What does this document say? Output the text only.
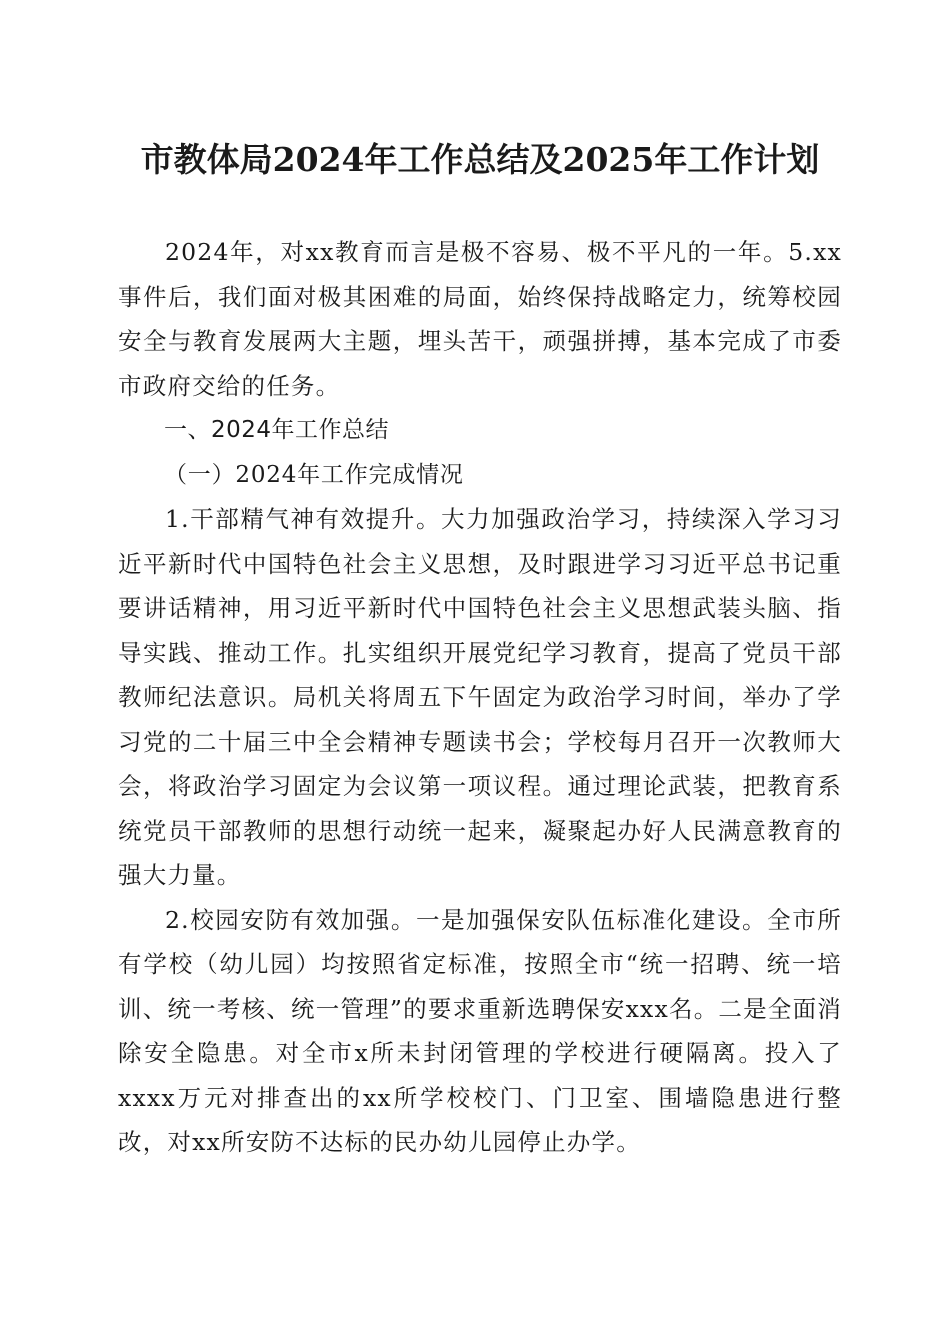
市教体局2024年工作总结及2025年工作计划

2024年，对xx教育而言是极不容易、极不平凡的一年。5.xx事件后，我们面对极其困难的局面，始终保持战略定力，统筹校园安全与教育发展两大主题，埋头苦干，顽强拼搏，基本完成了市委市政府交给的任务。

一、2024年工作总结

（一）2024年工作完成情况

1.干部精气神有效提升。大力加强政治学习，持续深入学习习近平新时代中国特色社会主义思想，及时跟进学习习近平总书记重要讲话精神，用习近平新时代中国特色社会主义思想武装头脑、指导实践、推动工作。扎实组织开展党纪学习教育，提高了党员干部教师纪法意识。局机关将周五下午固定为政治学习时间，举办了学习党的二十届三中全会精神专题读书会；学校每月召开一次教师大会，将政治学习固定为会议第一项议程。通过理论武装，把教育系统党员干部教师的思想行动统一起来，凝聚起办好人民满意教育的强大力量。

2.校园安防有效加强。一是加强保安队伍标准化建设。全市所有学校（幼儿园）均按照省定标准，按照全市“统一招聘、统一培训、统一考核、统一管理”的要求重新选聘保安xxx名。二是全面消除安全隐患。对全市x所未封闭管理的学校进行硬隔离。投入了xxxx万元对排查出的xx所学校校门、门卫室、围墙隐患进行整改，对xx所安防不达标的民办幼儿园停止办学。
